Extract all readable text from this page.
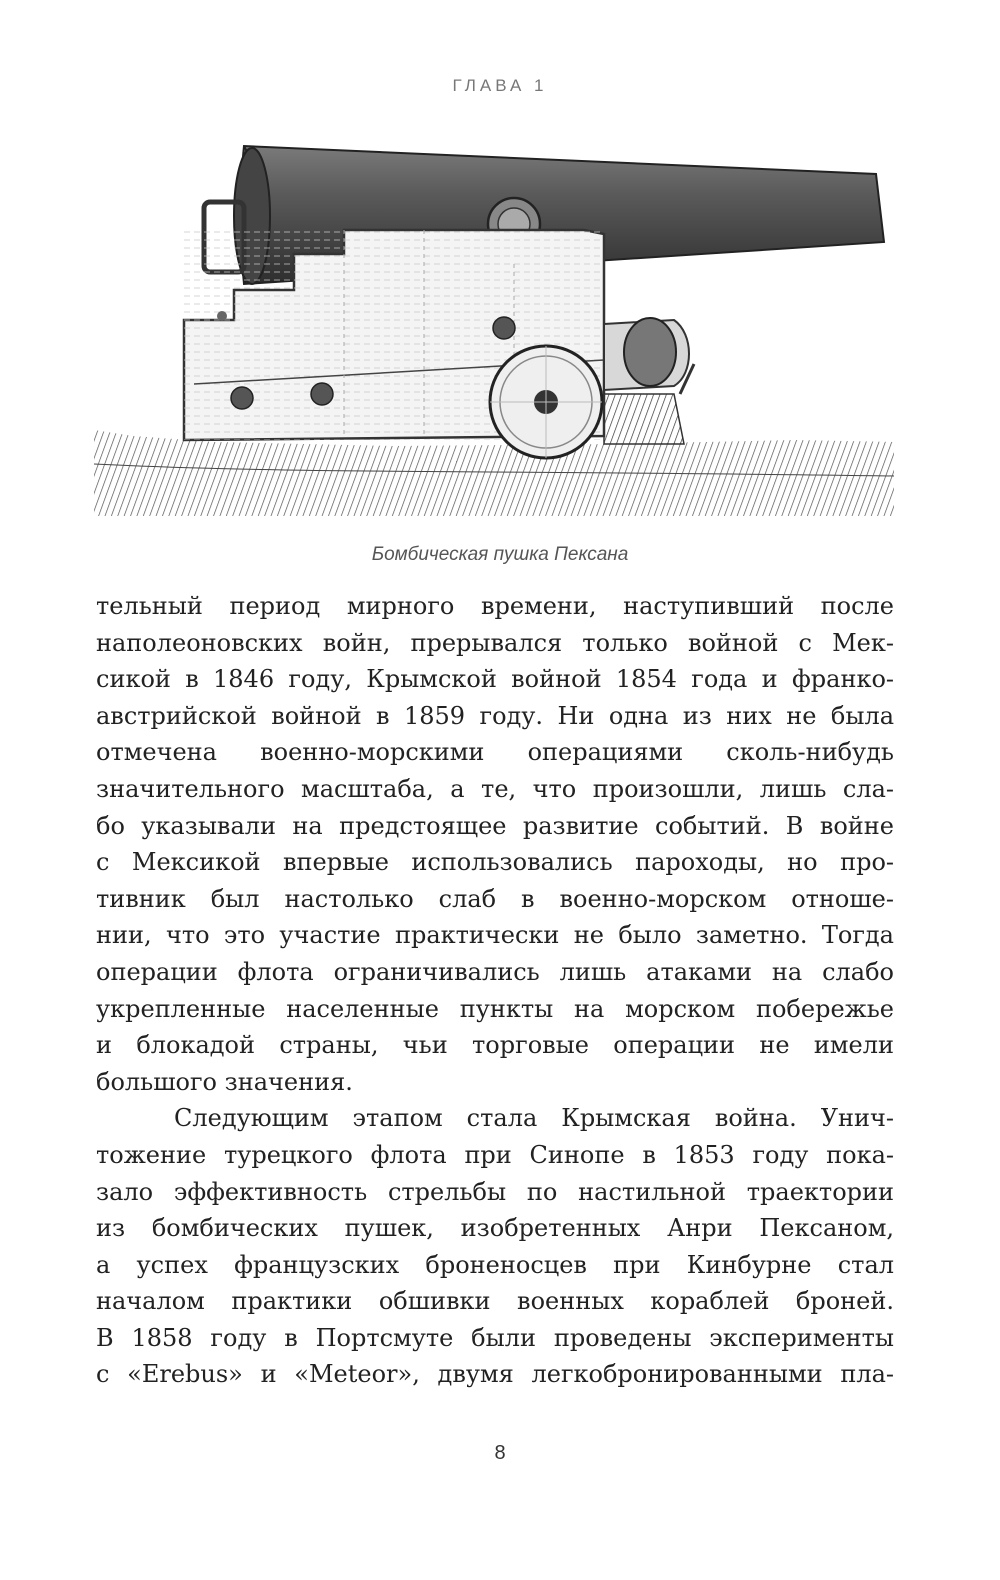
ГЛАВА 1
Бомбическая пушка Пексана
тельный период мирного времени, наступивший после
наполеоновских войн, прерывался только войной с Мек-
сикой в 1846 году, Крымской войной 1854 года и франко-
австрийской войной в 1859 году. Ни одна из них не была
отмечена военно-морскими операциями сколь-нибудь
значительного масштаба, а те, что произошли, лишь сла-
бо указывали на предстоящее развитие событий. В войне
с Мексикой впервые использовались пароходы, но про-
тивник был настолько слаб в военно-морском отноше-
нии, что это участие практически не было заметно. Тогда
операции флота ограничивались лишь атаками на слабо
укрепленные населенные пункты на морском побережье
и блокадой страны, чьи торговые операции не имели
большого значения.
Следующим этапом стала Крымская война. Унич-
тожение турецкого флота при Синопе в 1853 году пока-
зало эффективность стрельбы по настильной траектории
из бомбических пушек, изобретенных Анри Пексаном,
а успех французских броненосцев при Кинбурне стал
началом практики обшивки военных кораблей броней.
В 1858 году в Портсмуте были проведены эксперименты
с «Erebus» и «Meteor», двумя легкобронированными пла-
8
